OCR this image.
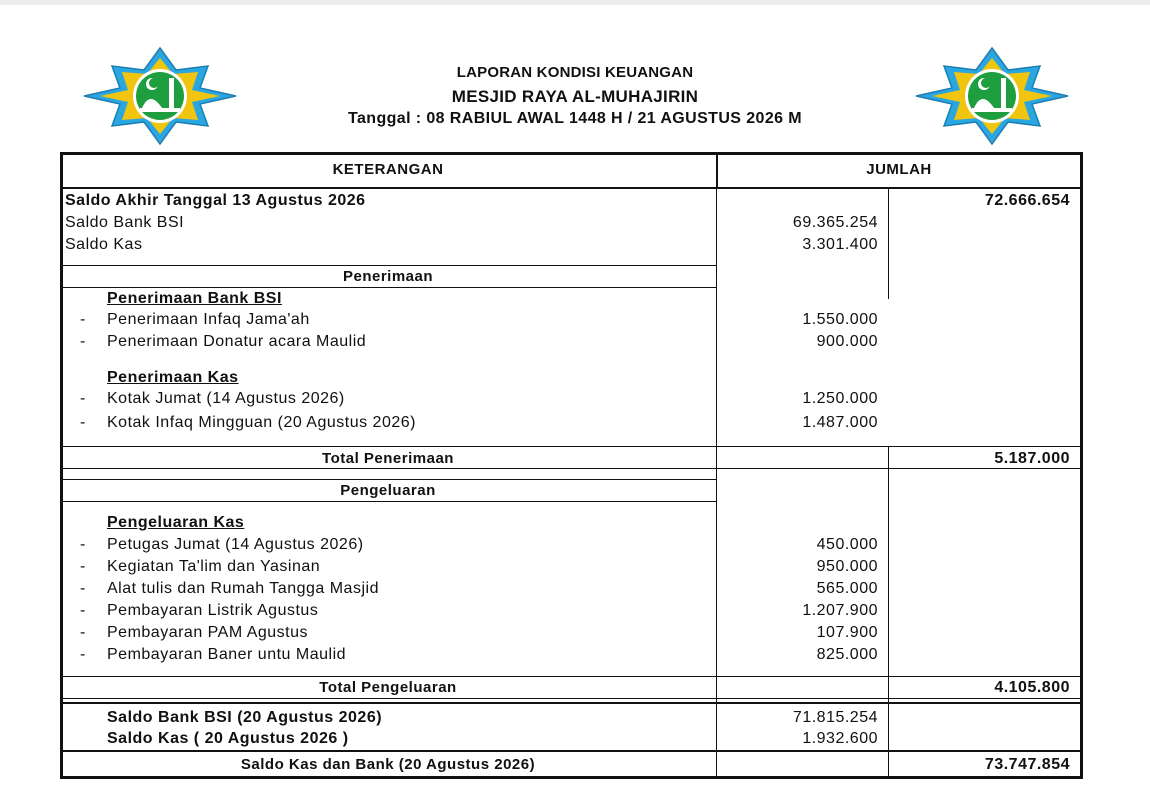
LAPORAN KONDISI KEUANGAN
MESJID RAYA AL-MUHAJIRIN
Tanggal : 08 RABIUL AWAL 1448 H / 21 AGUSTUS 2026 M
KETERANGAN	JUMLAH
Saldo Akhir Tanggal 13 Agustus 2026	72.666.654
Saldo Bank BSI	69.365.254
Saldo Kas	3.301.400
Penerimaan
Penerimaan Bank BSI
- Penerimaan Infaq Jama'ah	1.550.000
- Penerimaan Donatur acara Maulid	900.000
Penerimaan Kas
- Kotak Jumat (14 Agustus 2026)	1.250.000
- Kotak Infaq Mingguan (20 Agustus 2026)	1.487.000
Total Penerimaan	5.187.000
Pengeluaran
Pengeluaran Kas
- Petugas Jumat (14 Agustus 2026)	450.000
- Kegiatan Ta'lim dan Yasinan	950.000
- Alat tulis dan Rumah Tangga Masjid	565.000
- Pembayaran Listrik Agustus	1.207.900
- Pembayaran PAM Agustus	107.900
- Pembayaran Baner untu Maulid	825.000
Total Pengeluaran	4.105.800
Saldo Bank BSI (20 Agustus 2026)	71.815.254
Saldo Kas ( 20 Agustus 2026 )	1.932.600
Saldo Kas dan Bank (20 Agustus 2026)	73.747.854
